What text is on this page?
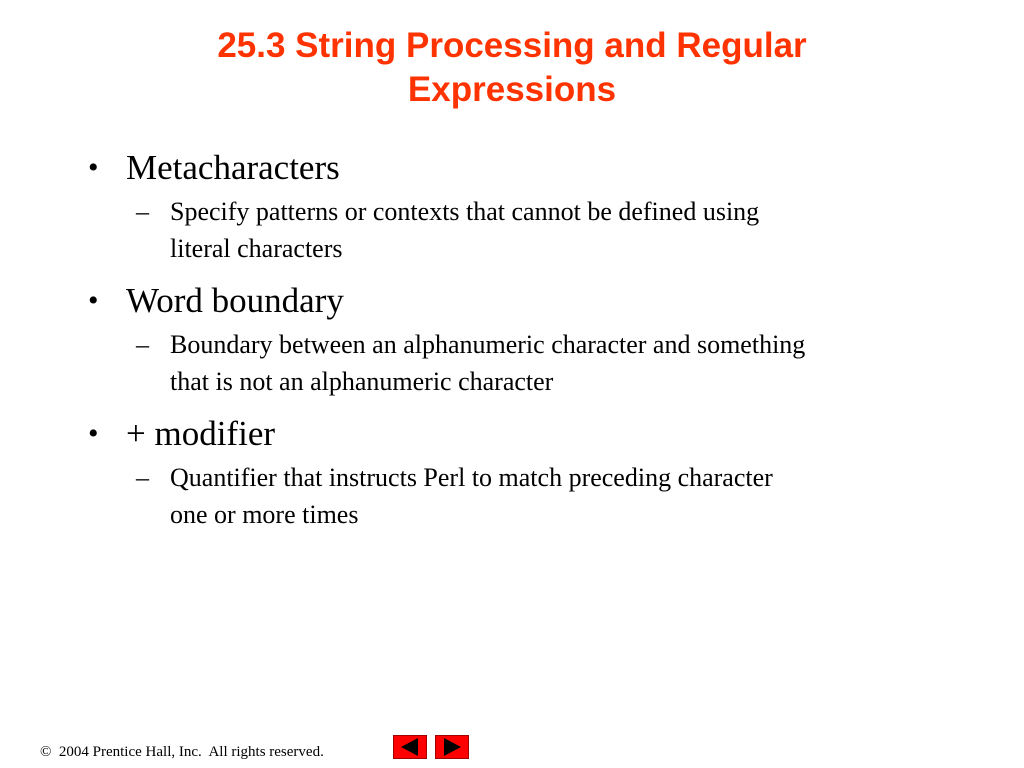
25.3 String Processing and Regular
Expressions
• Metacharacters
– Specify patterns or contexts that cannot be defined using
literal characters
• Word boundary
– Boundary between an alphanumeric character and something
that is not an alphanumeric character
• + modifier
– Quantifier that instructs Perl to match preceding character
one or more times
©  2004 Prentice Hall, Inc.  All rights reserved.
